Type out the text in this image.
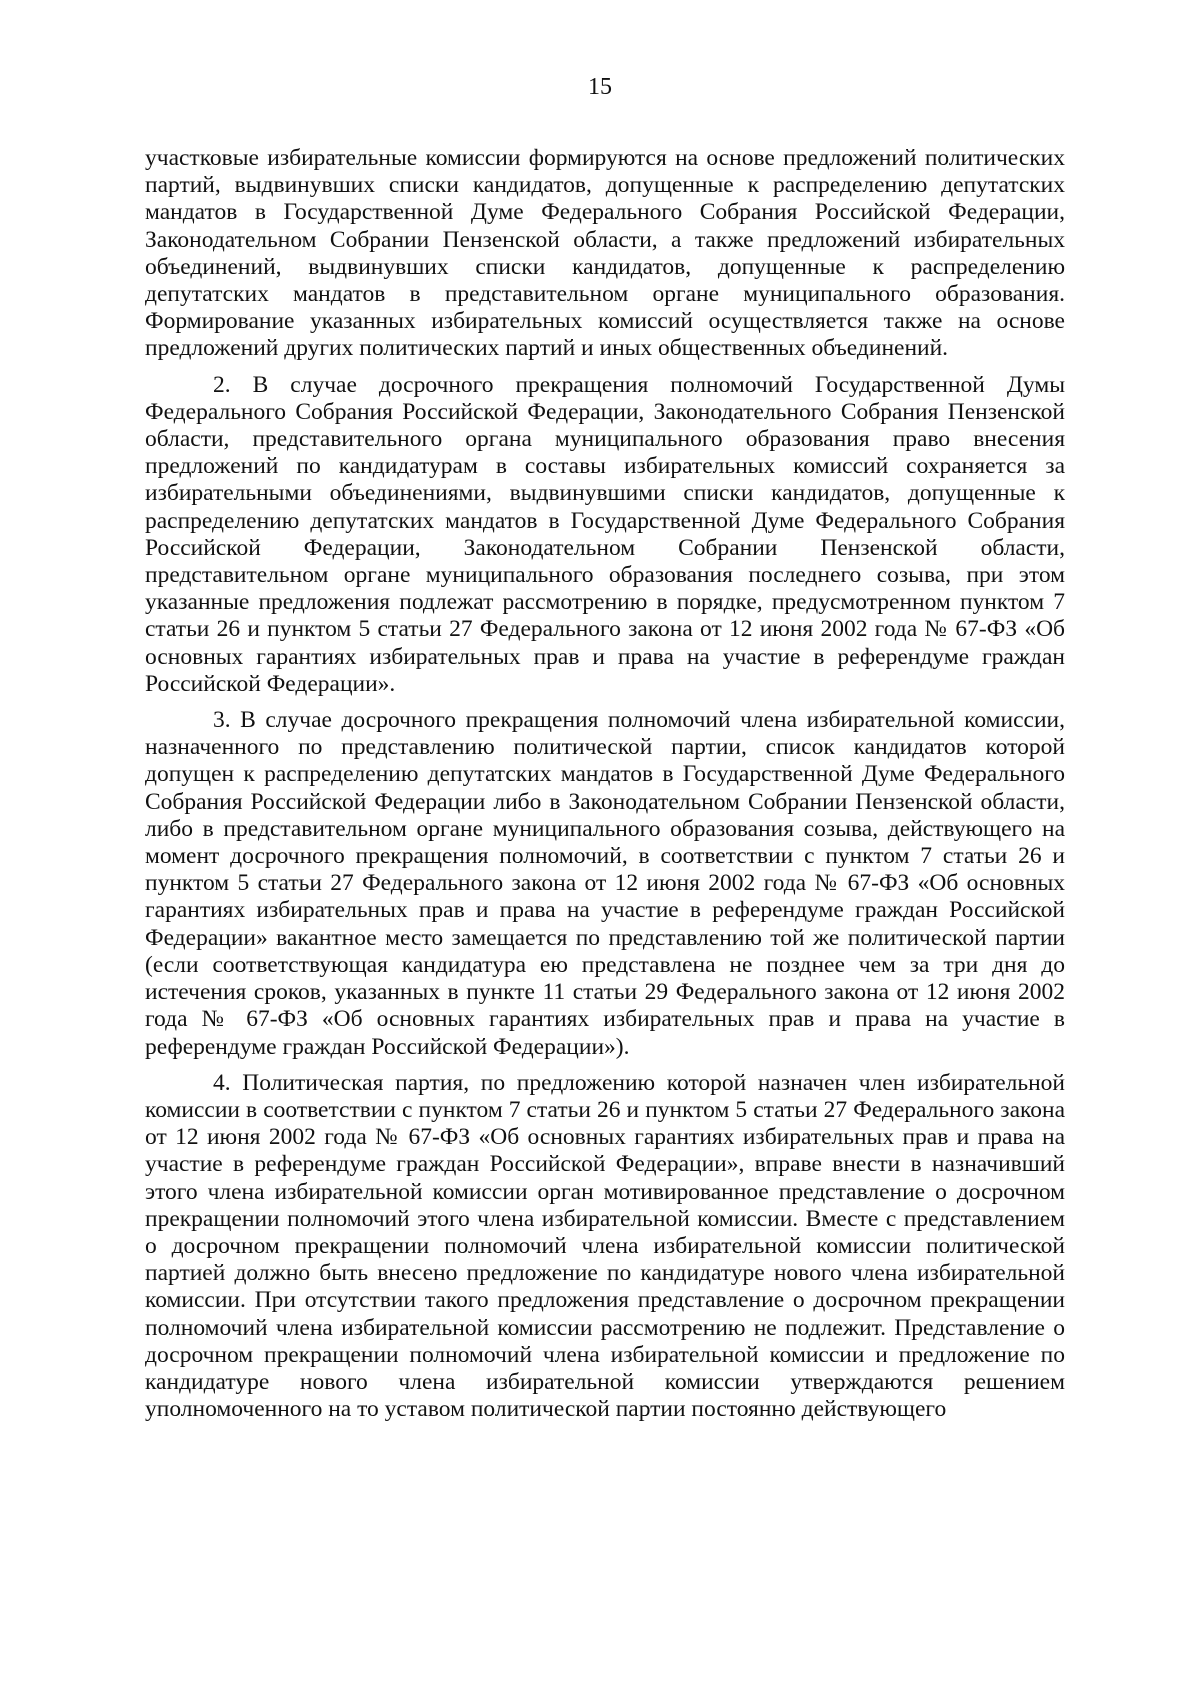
15

участковые избирательные комиссии формируются на основе предложений политических партий, выдвинувших списки кандидатов, допущенные к распределению депутатских мандатов в Государственной Думе Федерального Собрания Российской Федерации, Законодательном Собрании Пензенской области, а также предложений избирательных объединений, выдвинувших списки кандидатов, допущенные к распределению депутатских мандатов в представительном органе муниципального образования. Формирование указанных избирательных комиссий осуществляется также на основе предложений других политических партий и иных общественных объединений.

2. В случае досрочного прекращения полномочий Государственной Думы Федерального Собрания Российской Федерации, Законодательного Собрания Пензенской области, представительного органа муниципального образования право внесения предложений по кандидатурам в составы избирательных комиссий сохраняется за избирательными объединениями, выдвинувшими списки кандидатов, допущенные к распределению депутатских мандатов в Государственной Думе Федерального Собрания Российской Федерации, Законодательном Собрании Пензенской области, представительном органе муниципального образования последнего созыва, при этом указанные предложения подлежат рассмотрению в порядке, предусмотренном пунктом 7 статьи 26 и пунктом 5 статьи 27 Федерального закона от 12 июня 2002 года № 67-ФЗ «Об основных гарантиях избирательных прав и права на участие в референдуме граждан Российской Федерации».

3. В случае досрочного прекращения полномочий члена избирательной комиссии, назначенного по представлению политической партии, список кандидатов которой допущен к распределению депутатских мандатов в Государственной Думе Федерального Собрания Российской Федерации либо в Законодательном Собрании Пензенской области, либо в представительном органе муниципального образования созыва, действующего на момент досрочного прекращения полномочий, в соответствии с пунктом 7 статьи 26 и пунктом 5 статьи 27 Федерального закона от 12 июня 2002 года № 67-ФЗ «Об основных гарантиях избирательных прав и права на участие в референдуме граждан Российской Федерации» вакантное место замещается по представлению той же политической партии (если соответствующая кандидатура ею представлена не позднее чем за три дня до истечения сроков, указанных в пункте 11 статьи 29 Федерального закона от 12 июня 2002 года № 67-ФЗ «Об основных гарантиях избирательных прав и права на участие в референдуме граждан Российской Федерации»).

4. Политическая партия, по предложению которой назначен член избирательной комиссии в соответствии с пунктом 7 статьи 26 и пунктом 5 статьи 27 Федерального закона от 12 июня 2002 года № 67-ФЗ «Об основных гарантиях избирательных прав и права на участие в референдуме граждан Российской Федерации», вправе внести в назначивший этого члена избирательной комиссии орган мотивированное представление о досрочном прекращении полномочий этого члена избирательной комиссии. Вместе с представлением о досрочном прекращении полномочий члена избирательной комиссии политической партией должно быть внесено предложение по кандидатуре нового члена избирательной комиссии. При отсутствии такого предложения представление о досрочном прекращении полномочий члена избирательной комиссии рассмотрению не подлежит. Представление о досрочном прекращении полномочий члена избирательной комиссии и предложение по кандидатуре нового члена избирательной комиссии утверждаются решением уполномоченного на то уставом политической партии постоянно действующего
